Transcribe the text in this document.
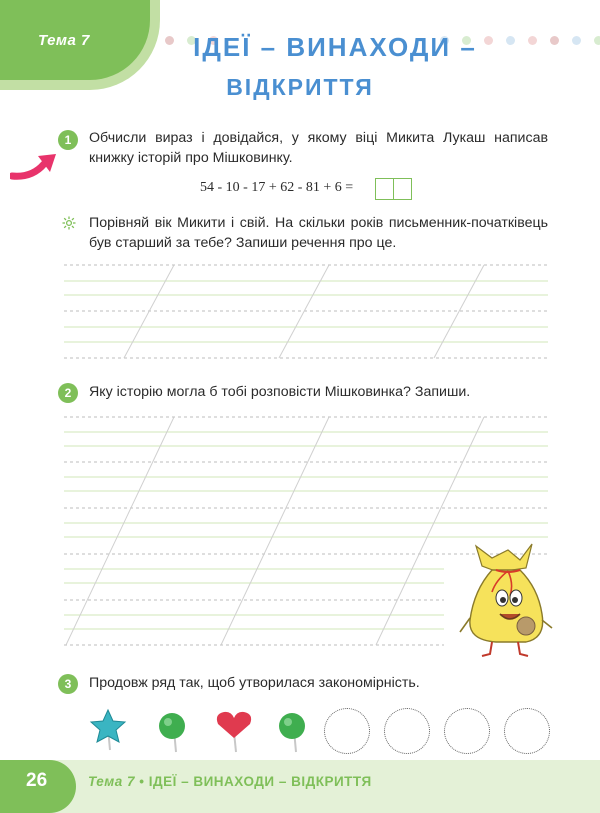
Тема 7	ІДЕЇ – ВИНАХОДИ –
ВІДКРИТТЯ
1	Обчисли вираз і довідайся, у якому віці Микита Лукаш написав книжку історій про Мішковинку.
54 - 10 - 17 + 62 - 81 + 6 =
Порівняй вік Микити і свій. На скільки років письменник-початківець був старший за тебе? Запиши речення про це.
2	Яку історію могла б тобі розповісти Мішковинка? Запиши.
3	Продовж ряд так, щоб утворилася закономірність.
26	Тема 7 • ІДЕЇ – ВИНАХОДИ – ВІДКРИТТЯ
